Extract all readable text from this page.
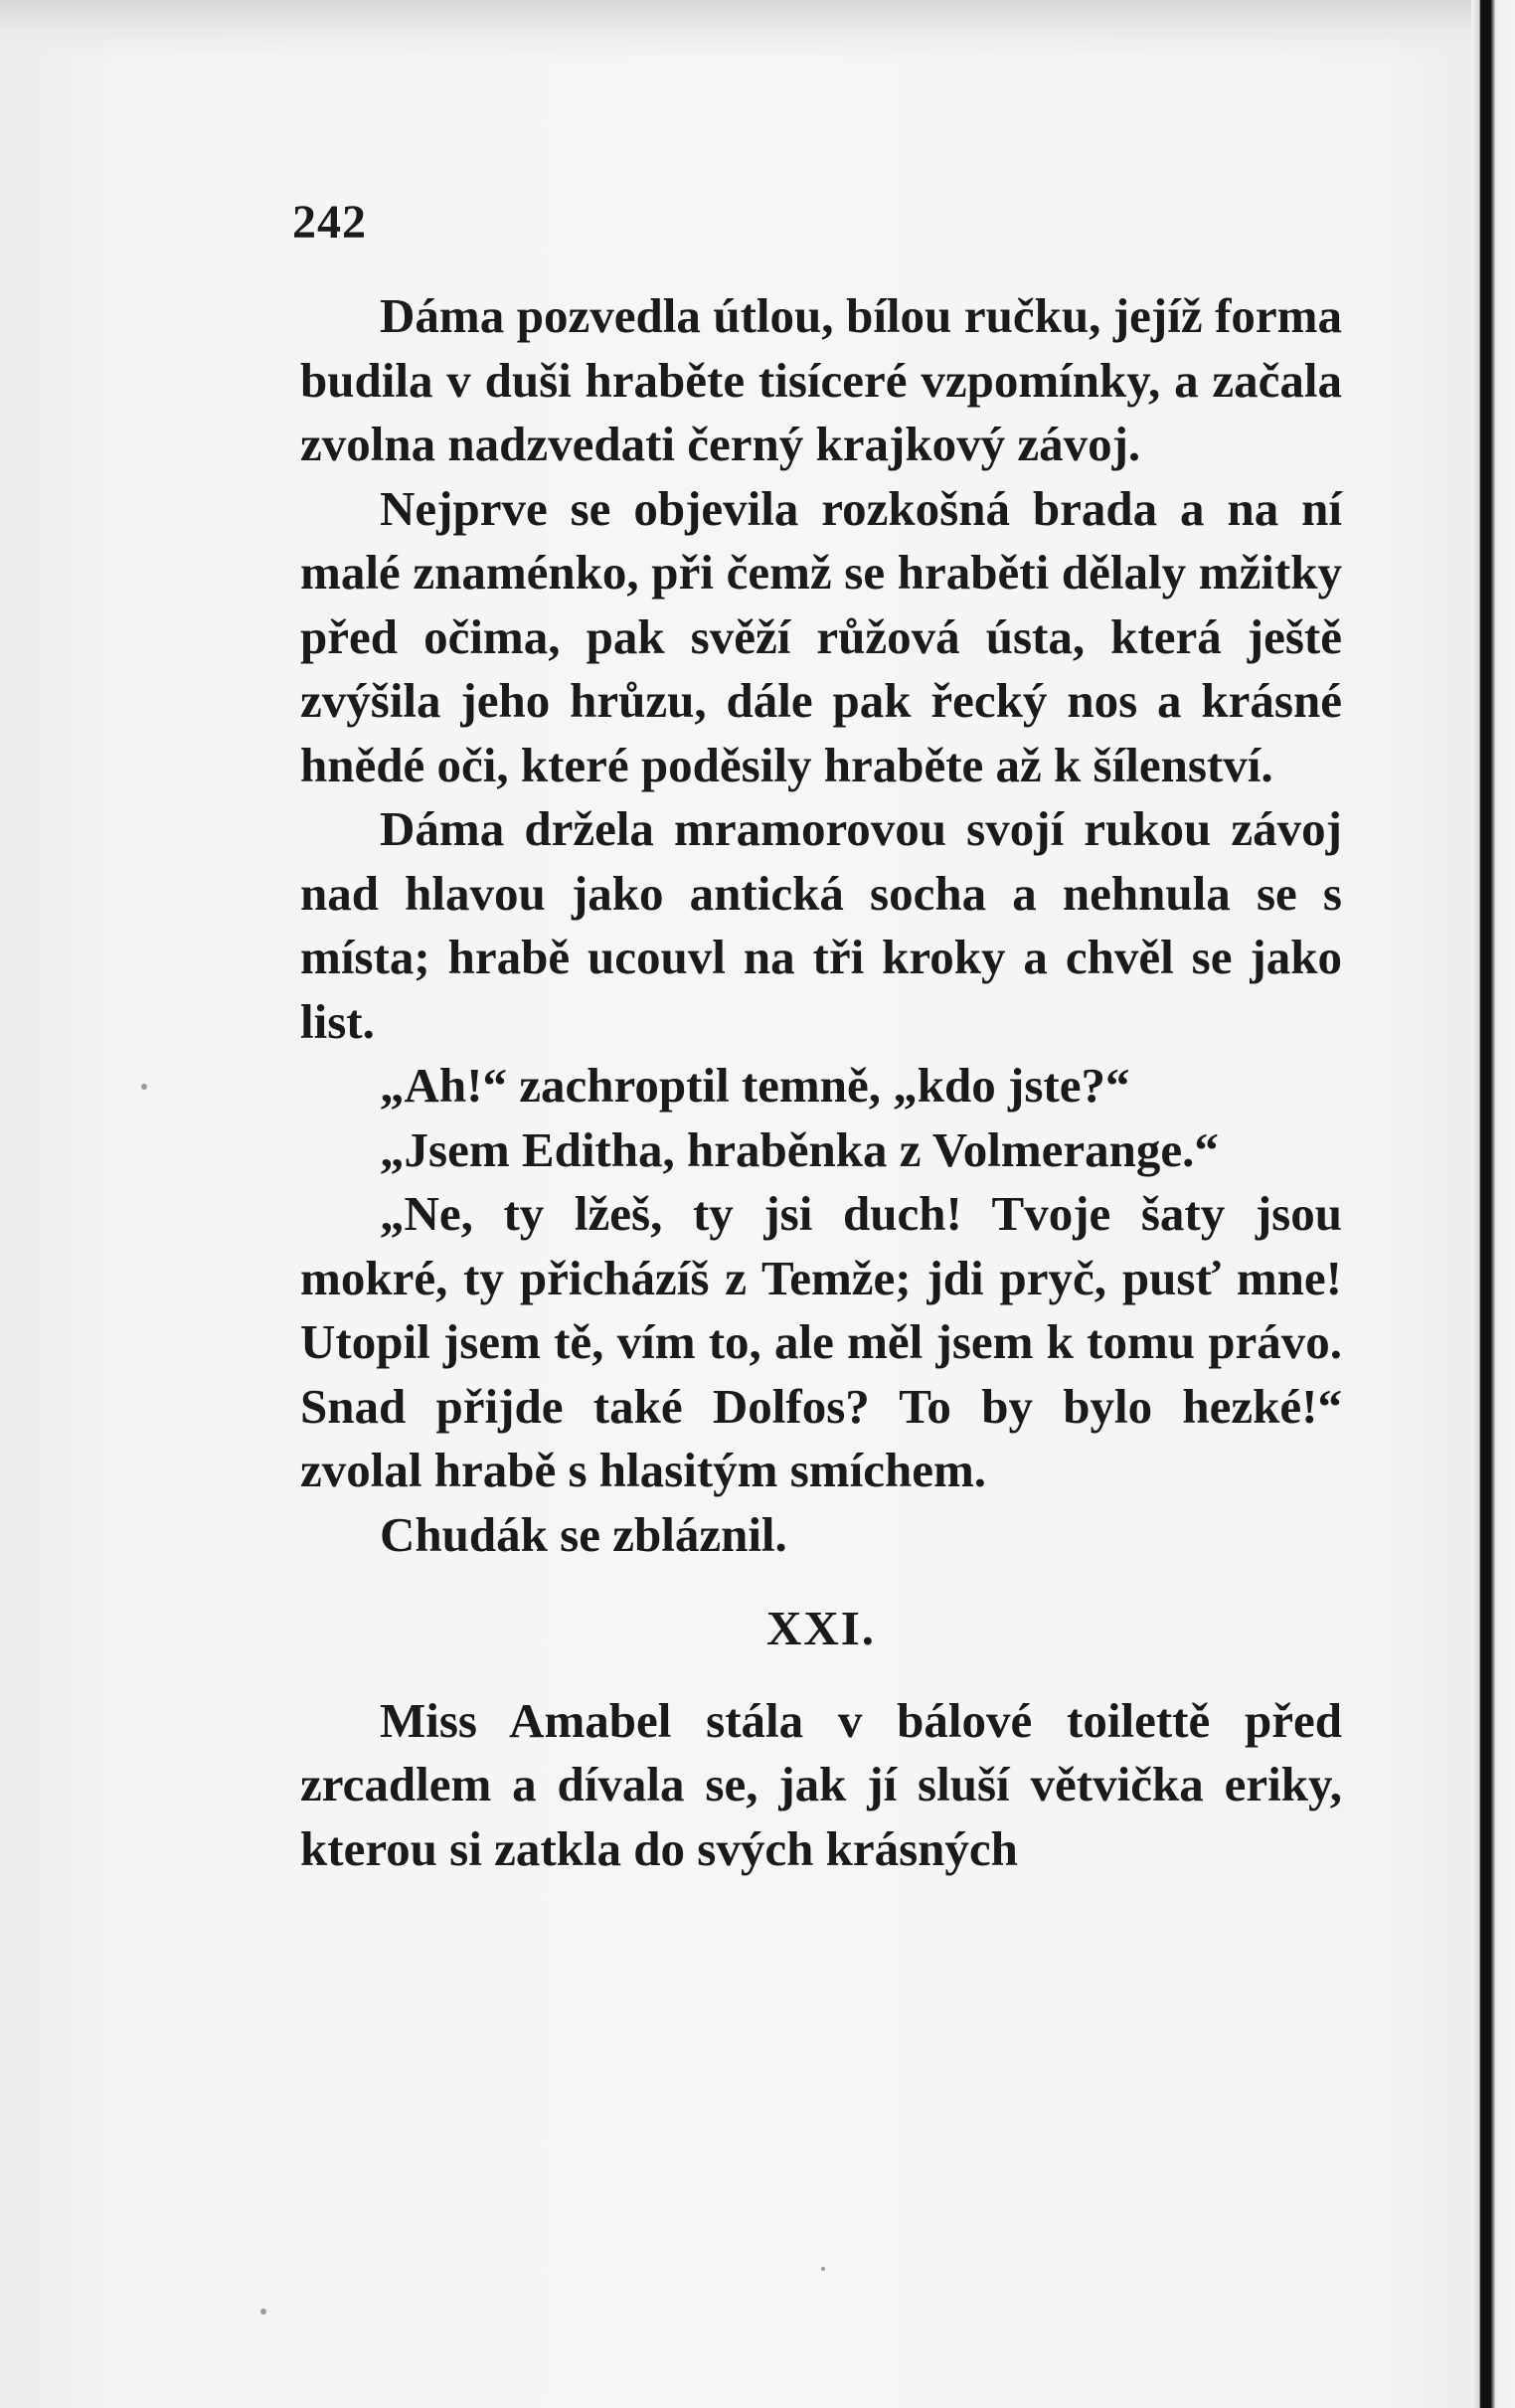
242

Dáma pozvedla útlou, bílou ručku, jejíž forma budila v duši hraběte tisíceré vzpomínky, a začala zvolna nadzvedati černý krajkový závoj.

Nejprve se objevila rozkošná brada a na ní malé znaménko, při čemž se hraběti dělaly mžitky před očima, pak svěží růžová ústa, která ještě zvýšila jeho hrůzu, dále pak řecký nos a krásné hnědé oči, které poděsily hraběte až k šílenství.

Dáma držela mramorovou svojí rukou závoj nad hlavou jako antická socha a nehnula se s místa; hrabě ucouvl na tři kroky a chvěl se jako list.

„Ah!“ zachroptil temně, „kdo jste?“

„Jsem Editha, hraběnka z Volmerange.“

„Ne, ty lžeš, ty jsi duch! Tvoje šaty jsou mokré, ty přicházíš z Temže; jdi pryč, pusť mne! Utopil jsem tě, vím to, ale měl jsem k tomu právo. Snad přijde také Dolfos? To by bylo hezké!“ zvolal hrabě s hlasitým smíchem.

Chudák se zbláznil.

XXI.

Miss Amabel stála v bálové toilettě před zrcadlem a dívala se, jak jí sluší větvička eriky, kterou si zatkla do svých krásných
